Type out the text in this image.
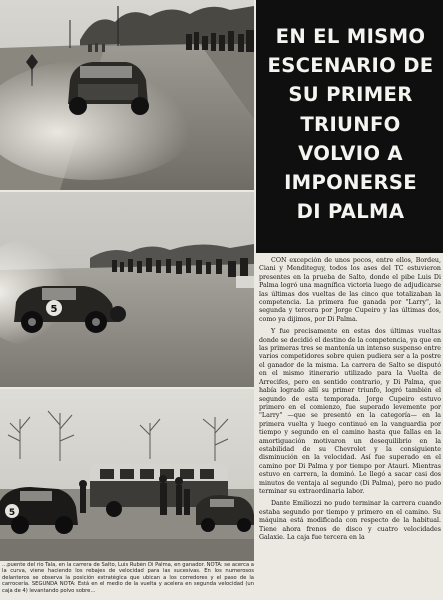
5
5
…puente del río Tala, en la carrera de Salto, Luis Rubén Di Palma, en ganador. NOTA: se acerca a la curva, viene haciendo los rebajes de velocidad para las sucesivas. En los numerosos delanteros se observa la posición estratégica que ubican a los corredores y el paso de la carrocería. SEGUNDA NOTA: Está en el medio de la vuelta y acelera en segunda velocidad (un caja de 4) levantando polvo sobre…
EN EL MISMO
ESCENARIO DE
SU PRIMER
TRIUNFO
VOLVIO A
IMPONERSE
DI PALMA

CON excepción de unos pocos, entre ellos, Bordeu, Ciani y Menditeguy, todos los ases del TC estuvieron presentes en la prueba de Salto, donde el pibe Luis Di Palma logró una magnífica victoria luego de adjudicarse las últimas dos vueltas de las cinco que totalizaban la competencia. La primera fue ganada por "Larry", la segunda y tercera por Jorge Cupeiro y las últimas dos, como ya dijimos, por Di Palma.

Y fue precisamente en estas dos últimas vueltas donde se decidió el destino de la competencia, ya que en las primeras tres se mantenía un intenso suspenso entre varios competidores sobre quien pudiera ser a la postre el ganador de la misma. La carrera de Salto se disputó en el mismo itinerario utilizado para la Vuelta de Arrecifes, pero en sentido contrario, y Di Palma, que había logrado allí su primer triunfo, logró también el segundo de esta temporada. Jorge Cupeiro estuvo primero en el comienzo, fue superado levemente por "Larry" —que se presentó en la categoría— en la primera vuelta y luego continuó en la vanguardia por tiempo y segundo en el camino hasta que fallas en la amortiguación motivaron un desequilibrio en la estabilidad de su Chevrolet y la consiguiente disminución en la velocidad. Así fue superado en el camino por Di Palma y por tiempo por Atauri. Mientras estuvo en carrera, la dominó. Le llegó a sacar casi dos minutos de ventaja al segundo (Di Palma), pero no pudo terminar su extraordinaria labor.

Dante Emiliozzi no pudo terminar la carrera cuando estaba segundo por tiempo y primero en el camino. Su máquina está modificada con respecto de la habitual. Tiene ahora frenos de disco y cuatro velocidades Galaxie. La caja fue tercera en la
